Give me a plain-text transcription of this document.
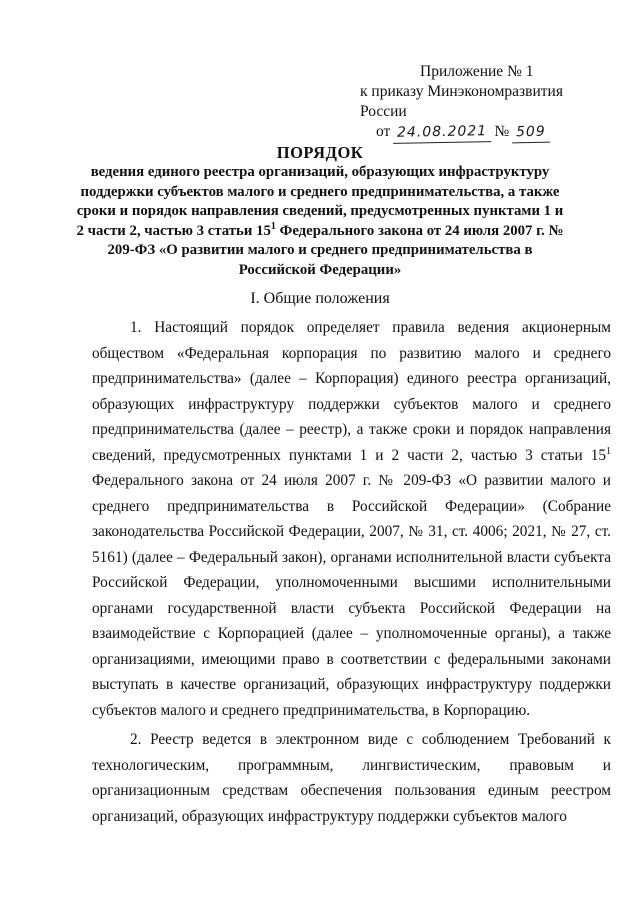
Приложение № 1
к приказу Минэкономразвития России
от 24.08.2021 № 509
ПОРЯДОК
ведения единого реестра организаций, образующих инфраструктуру поддержки субъектов малого и среднего предпринимательства, а также сроки и порядок направления сведений, предусмотренных пунктами 1 и 2 части 2, частью 3 статьи $15^1$ Федерального закона от 24 июля 2007 г. № 209-ФЗ «О развитии малого и среднего предпринимательства в Российской Федерации»
I. Общие положения

1. Настоящий порядок определяет правила ведения акционерным обществом «Федеральная корпорация по развитию малого и среднего предпринимательства» (далее – Корпорация) единого реестра организаций, образующих инфраструктуру поддержки субъектов малого и среднего предпринимательства (далее – реестр), а также сроки и порядок направления сведений, предусмотренных пунктами 1 и 2 части 2, частью 3 статьи $15^1$ Федерального закона от 24 июля 2007 г. № 209-ФЗ «О развитии малого и среднего предпринимательства в Российской Федерации» (Собрание законодательства Российской Федерации, 2007, № 31, ст. 4006; 2021, № 27, ст. 5161) (далее – Федеральный закон), органами исполнительной власти субъекта Российской Федерации, уполномоченными высшими исполнительными органами государственной власти субъекта Российской Федерации на взаимодействие с Корпорацией (далее – уполномоченные органы), а также организациями, имеющими право в соответствии с федеральными законами выступать в качестве организаций, образующих инфраструктуру поддержки субъектов малого и среднего предпринимательства, в Корпорацию.

2. Реестр ведется в электронном виде с соблюдением Требований к технологическим, программным, лингвистическим, правовым и организационным средствам обеспечения пользования единым реестром организаций, образующих инфраструктуру поддержки субъектов малого
